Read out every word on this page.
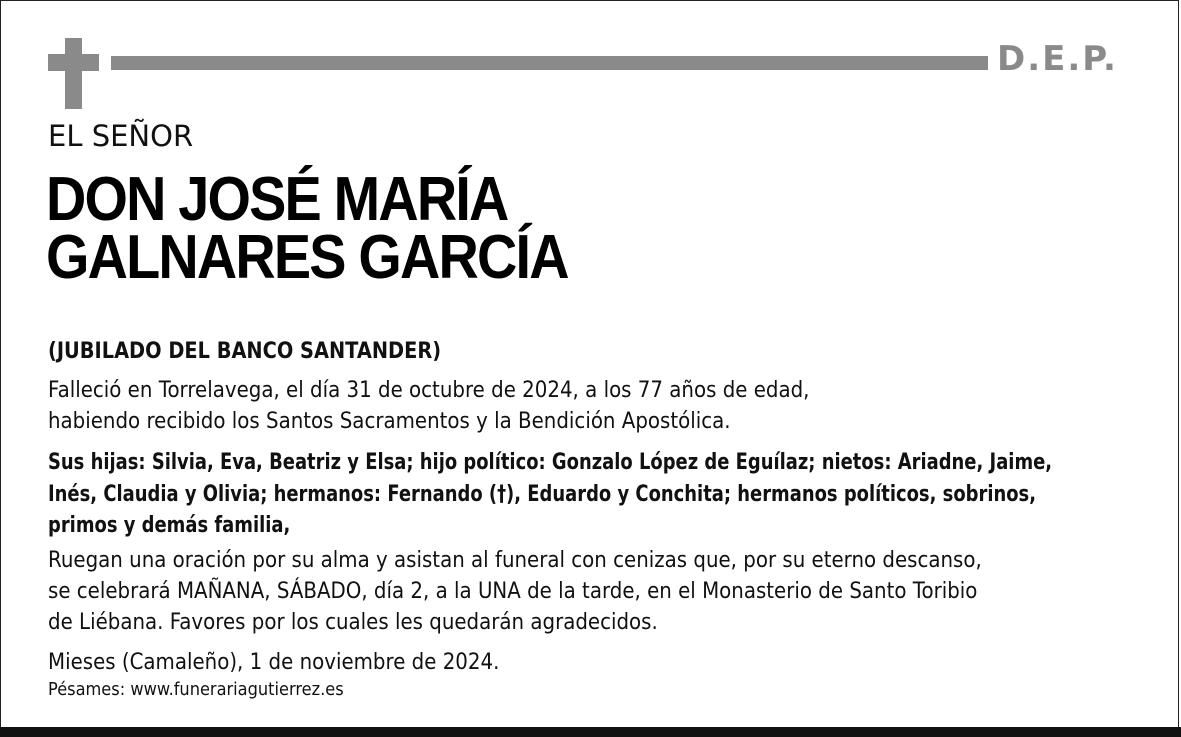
D.E.P.
EL SEÑOR
DON JOSÉ MARÍA
GALNARES GARCÍA
(JUBILADO DEL BANCO SANTANDER)
Falleció en Torrelavega, el día 31 de octubre de 2024, a los 77 años de edad,
habiendo recibido los Santos Sacramentos y la Bendición Apostólica.
Sus hijas: Silvia, Eva, Beatriz y Elsa; hijo político: Gonzalo López de Eguílaz; nietos: Ariadne, Jaime,
Inés, Claudia y Olivia; hermanos: Fernando (†), Eduardo y Conchita; hermanos políticos, sobrinos,
primos y demás familia,
Ruegan una oración por su alma y asistan al funeral con cenizas que, por su eterno descanso,
se celebrará MAÑANA, SÁBADO, día 2, a la UNA de la tarde, en el Monasterio de Santo Toribio
de Liébana. Favores por los cuales les quedarán agradecidos.
Mieses (Camaleño), 1 de noviembre de 2024.
Pésames: www.funerariagutierrez.es
